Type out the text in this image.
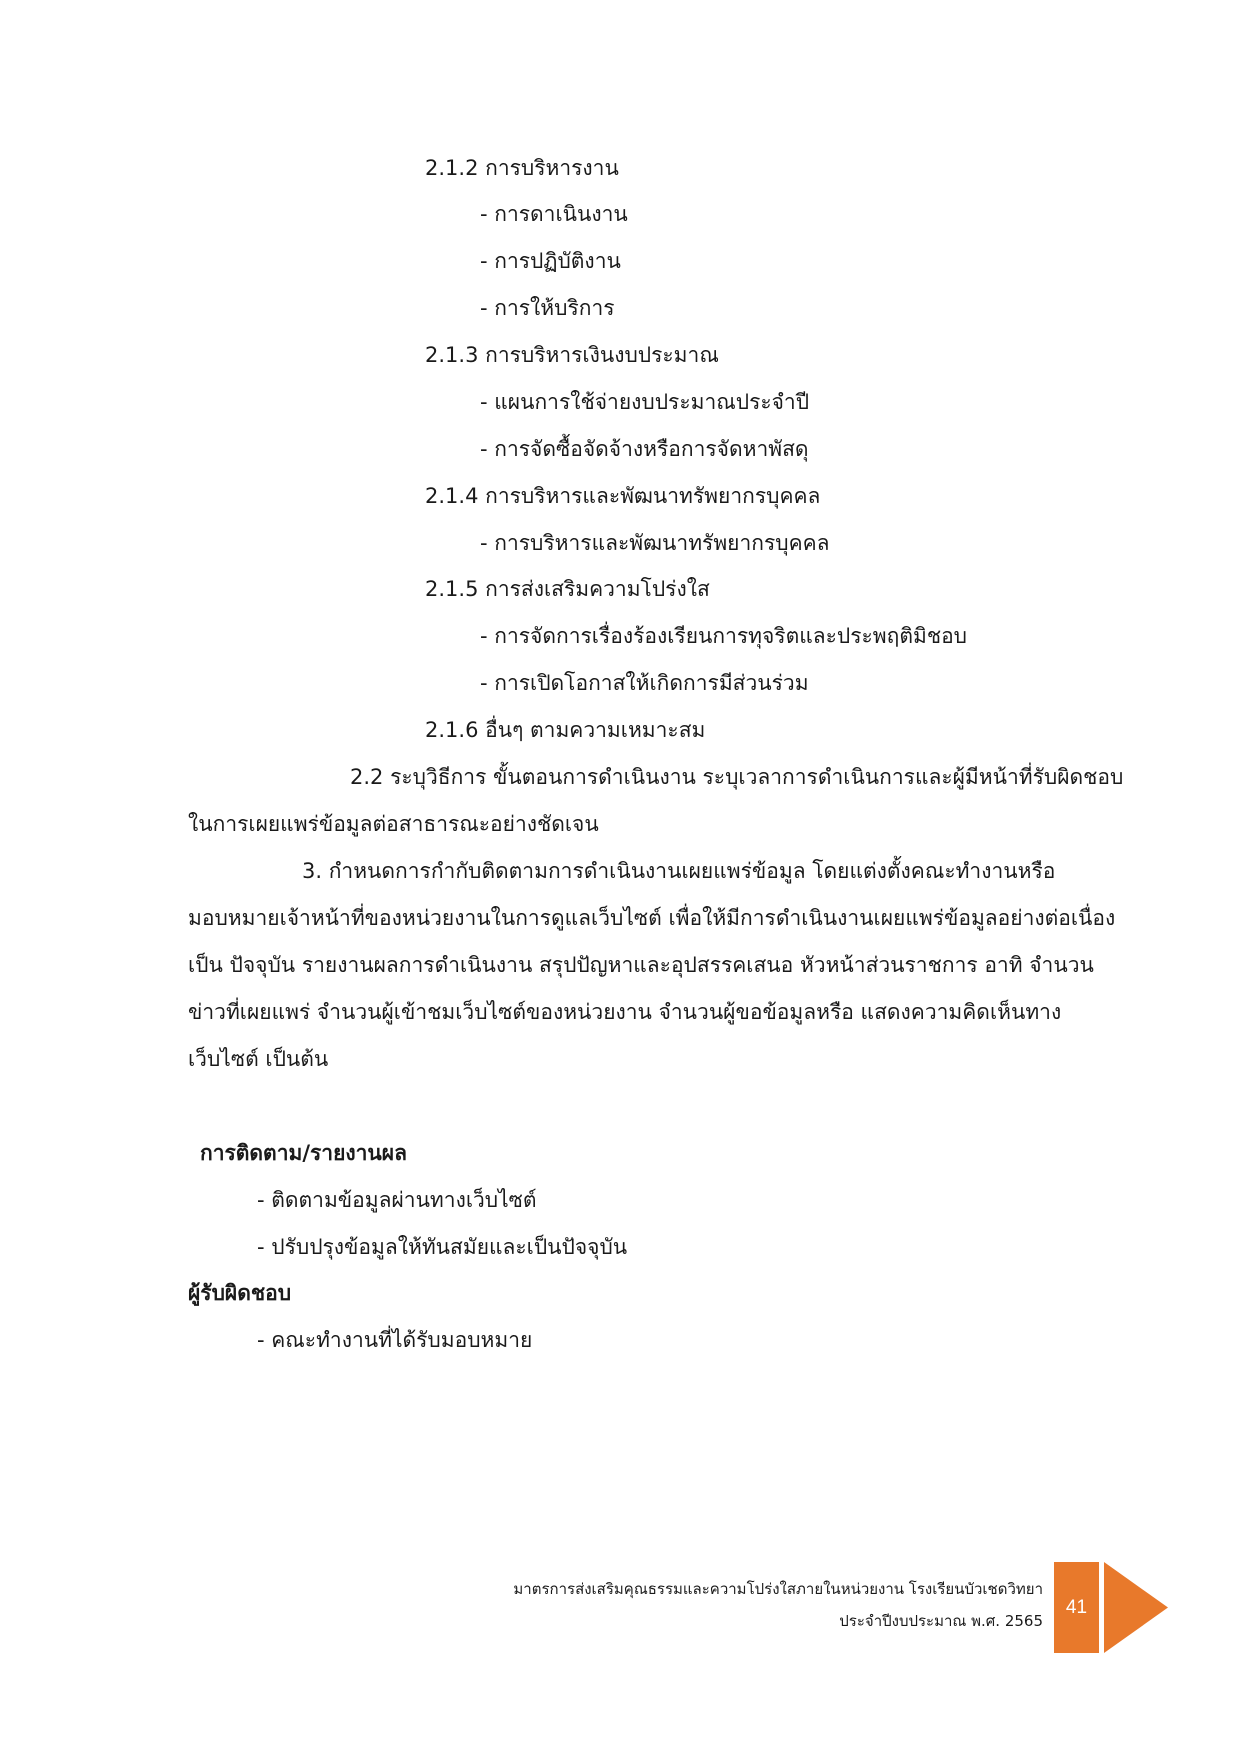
2.1.2 การบริหารงาน

- การดาเนินงาน

- การปฏิบัติงาน

- การให้บริการ

2.1.3 การบริหารเงินงบประมาณ

- แผนการใช้จ่ายงบประมาณประจำปี

- การจัดซื้อจัดจ้างหรือการจัดหาพัสดุ

2.1.4 การบริหารและพัฒนาทรัพยากรบุคคล

- การบริหารและพัฒนาทรัพยากรบุคคล

2.1.5 การส่งเสริมความโปร่งใส

- การจัดการเรื่องร้องเรียนการทุจริตและประพฤติมิชอบ

- การเปิดโอกาสให้เกิดการมีส่วนร่วม

2.1.6 อื่นๆ ตามความเหมาะสม

2.2 ระบุวิธีการ ขั้นตอนการดำเนินงาน ระบุเวลาการดำเนินการและผู้มีหน้าที่รับผิดชอบ

ในการเผยแพร่ข้อมูลต่อสาธารณะอย่างชัดเจน

3. กำหนดการกำกับติดตามการดำเนินงานเผยแพร่ข้อมูล โดยแต่งตั้งคณะทำงานหรือ

มอบหมายเจ้าหน้าที่ของหน่วยงานในการดูแลเว็บไซต์ เพื่อให้มีการดำเนินงานเผยแพร่ข้อมูลอย่างต่อเนื่อง

เป็น ปัจจุบัน รายงานผลการดำเนินงาน สรุปปัญหาและอุปสรรคเสนอ หัวหน้าส่วนราชการ อาทิ จำนวน

ข่าวที่เผยแพร่ จำนวนผู้เข้าชมเว็บไซต์ของหน่วยงาน จำนวนผู้ขอข้อมูลหรือ แสดงความคิดเห็นทาง

เว็บไซต์ เป็นต้น

การติดตาม/รายงานผล

- ติดตามข้อมูลผ่านทางเว็บไซต์

- ปรับปรุงข้อมูลให้ทันสมัยและเป็นปัจจุบัน

ผู้รับผิดชอบ

- คณะทำงานที่ได้รับมอบหมาย

มาตรการส่งเสริมคุณธรรมและความโปร่งใสภายในหน่วยงาน โรงเรียนบัวเชดวิทยา
ประจำปีงบประมาณ พ.ศ. 2565
41
